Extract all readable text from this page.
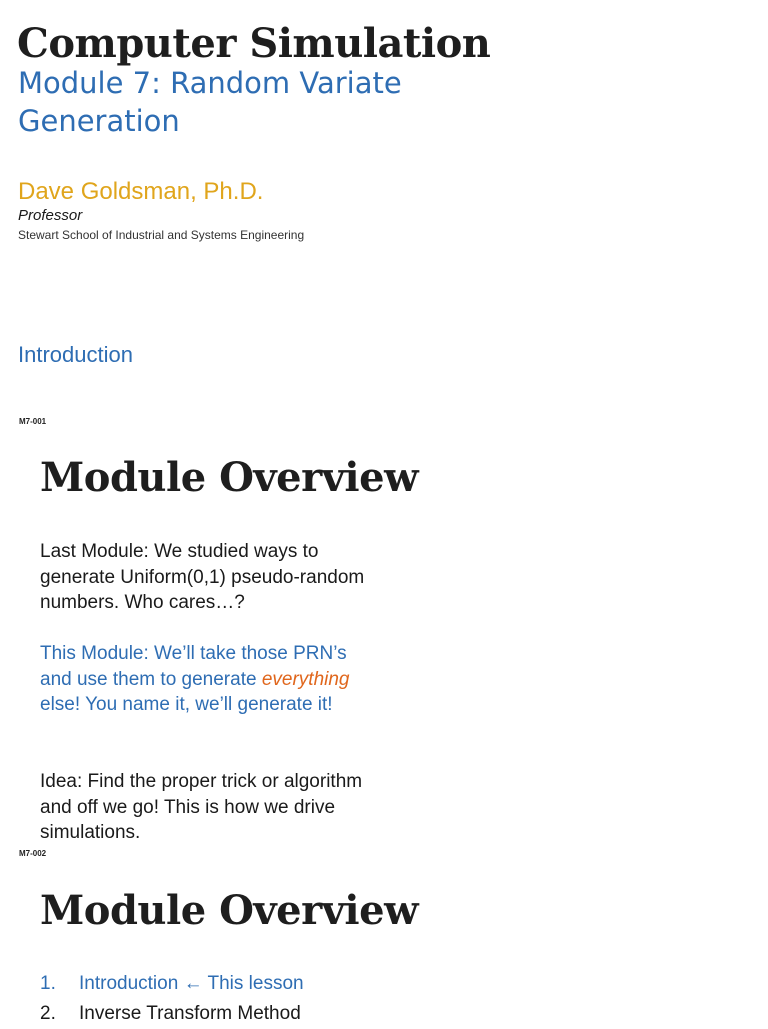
Computer Simulation
Module 7: Random Variate Generation
Dave Goldsman, Ph.D.
Professor
Stewart School of Industrial and Systems Engineering
Introduction
M7-001
Module Overview
Last Module: We studied ways to generate Uniform(0,1) pseudo-random numbers. Who cares…?
This Module: We’ll take those PRN’s and use them to generate everything else! You name it, we’ll generate it!
Idea: Find the proper trick or algorithm and off we go! This is how we drive simulations.
M7-002
Module Overview
1.	Introduction ← This lesson
2.	Inverse Transform Method
